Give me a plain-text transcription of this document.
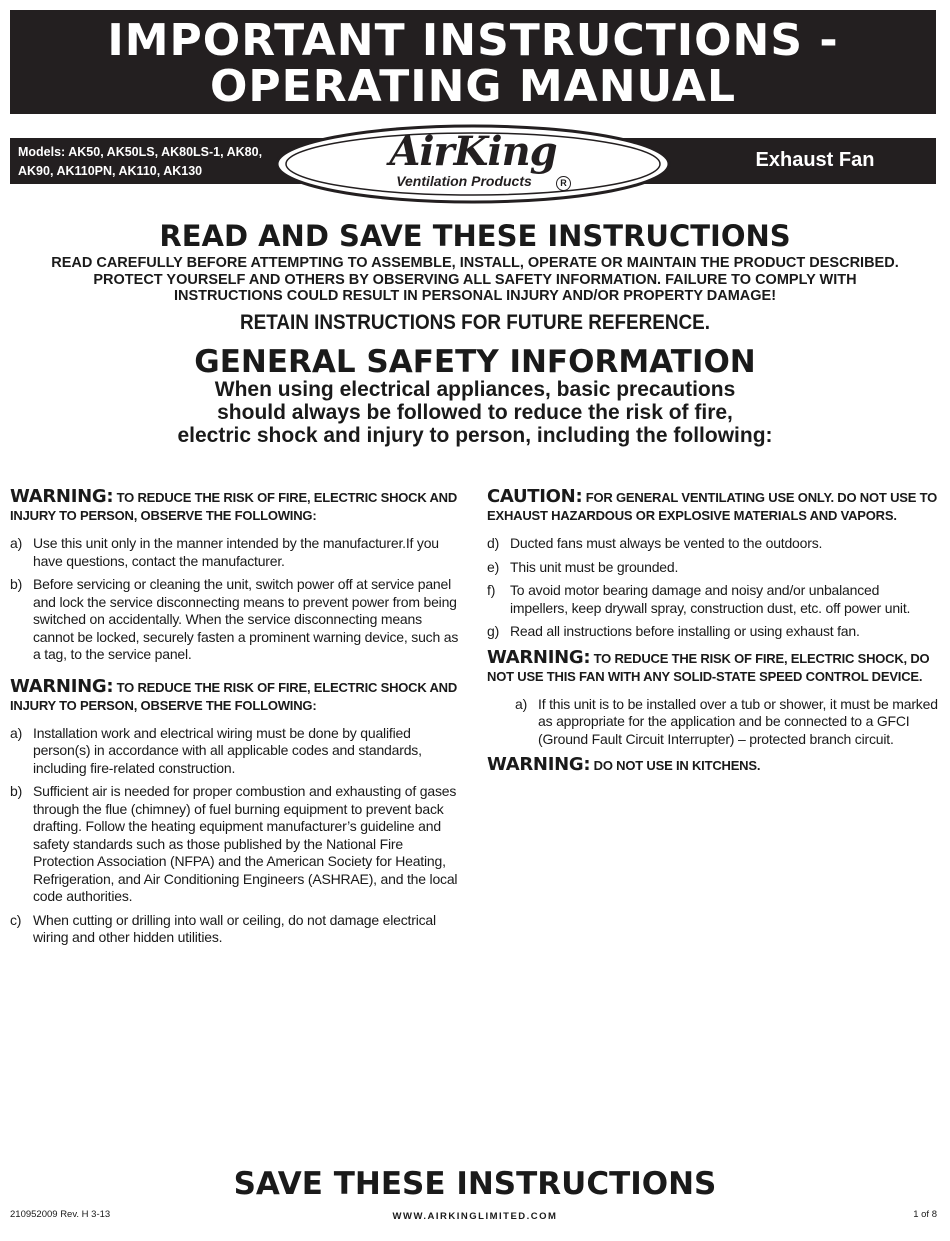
IMPORTANT INSTRUCTIONS -
OPERATING MANUAL
Models: AK50, AK50LS, AK80LS-1, AK80,
AK90, AK110PN, AK110, AK130	Exhaust Fan
AirKing
Ventilation Products	R
READ AND SAVE THESE INSTRUCTIONS
READ CAREFULLY BEFORE ATTEMPTING TO ASSEMBLE, INSTALL, OPERATE OR MAINTAIN THE PRODUCT DESCRIBED.
PROTECT YOURSELF AND OTHERS BY OBSERVING ALL SAFETY INFORMATION. FAILURE TO COMPLY WITH
INSTRUCTIONS COULD RESULT IN PERSONAL INJURY AND/OR PROPERTY DAMAGE!
RETAIN INSTRUCTIONS FOR FUTURE REFERENCE.
GENERAL SAFETY INFORMATION
When using electrical appliances, basic precautions
should always be followed to reduce the risk of fire,
electric shock and injury to person, including the following:
WARNING: TO REDUCE THE RISK OF FIRE, ELECTRIC SHOCK AND INJURY TO PERSON, OBSERVE THE FOLLOWING:
a) Use this unit only in the manner intended by the manufacturer.If you have questions, contact the manufacturer.
b) Before servicing or cleaning the unit, switch power off at service panel and lock the service disconnecting means to prevent power from being switched on accidentally. When the service disconnecting means cannot be locked, securely fasten a prominent warning device, such as a tag, to the service panel.
WARNING: TO REDUCE THE RISK OF FIRE, ELECTRIC SHOCK AND INJURY TO PERSON, OBSERVE THE FOLLOWING:
a) Installation work and electrical wiring must be done by qualified person(s) in accordance with all applicable codes and standards, including fire-related construction.
b) Sufficient air is needed for proper combustion and exhausting of gases through the flue (chimney) of fuel burning equipment to prevent back drafting. Follow the heating equipment manufacturer’s guideline and safety standards such as those published by the National Fire Protection Association (NFPA) and the American Society for Heating, Refrigeration, and Air Conditioning Engineers (ASHRAE), and the local code authorities.
c) When cutting or drilling into wall or ceiling, do not damage electrical wiring and other hidden utilities.
CAUTION: FOR GENERAL VENTILATING USE ONLY. DO NOT USE TO EXHAUST HAZARDOUS OR EXPLOSIVE MATERIALS AND VAPORS.
d) Ducted fans must always be vented to the outdoors.
e) This unit must be grounded.
f) To avoid motor bearing damage and noisy and/or unbalanced impellers, keep drywall spray, construction dust, etc. off power unit.
g) Read all instructions before installing or using exhaust fan.
WARNING: TO REDUCE THE RISK OF FIRE, ELECTRIC SHOCK, DO NOT USE THIS FAN WITH ANY SOLID-STATE SPEED CONTROL DEVICE.
a) If this unit is to be installed over a tub or shower, it must be marked as appropriate for the application and be connected to a GFCI (Ground Fault Circuit Interrupter) – protected branch circuit.
WARNING: DO NOT USE IN KITCHENS.
SAVE THESE INSTRUCTIONS
210952009 Rev. H 3-13	WWW.AIRKINGLIMITED.COM	1 of 8
